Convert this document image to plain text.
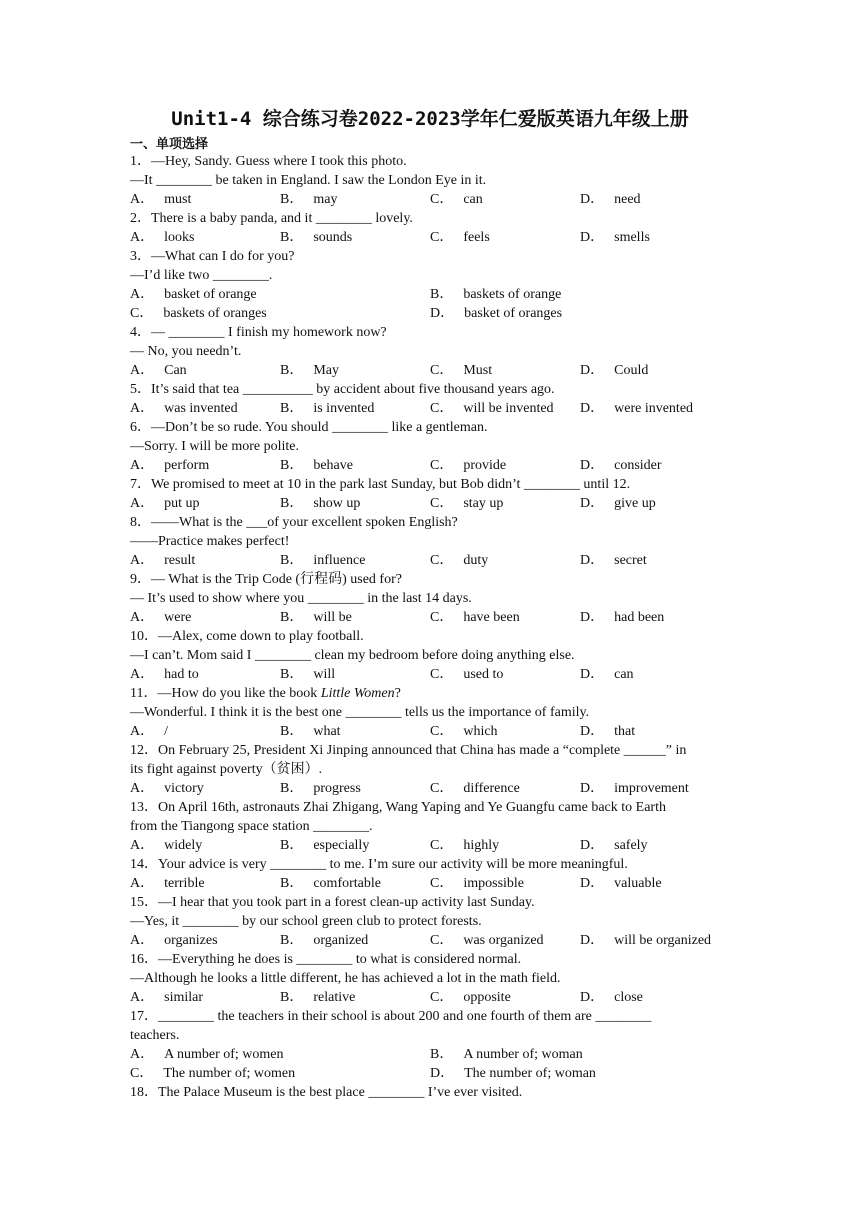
Unit1-4 综合练习卷2022-2023学年仁爱版英语九年级上册
一、单项选择
1．—Hey, Sandy. Guess where I took this photo.
—It ________ be taken in England. I saw the London Eye in it.
A． must	B． may	C． can	D． need
2．There is a baby panda, and it ________ lovely.
A． looks	B． sounds	C． feels	D． smells
3．—What can I do for you?
—I’d like two ________.
A． basket of orange	B． baskets of orange
C． baskets of oranges	D． basket of oranges
4．— ________ I finish my homework now?
— No, you needn’t.
A． Can	B． May	C． Must	D． Could
5．It’s said that tea __________ by accident about five thousand years ago.
A． was invented	B． is invented	C． will be invented	D． were invented
6．—Don’t be so rude. You should ________ like a gentleman.
—Sorry. I will be more polite.
A． perform	B． behave	C． provide	D． consider
7．We promised to meet at 10 in the park last Sunday, but Bob didn’t ________ until 12.
A． put up	B． show up	C． stay up	D． give up
8．——What is the ___of your excellent spoken English?
——Practice makes perfect!
A． result	B． influence	C． duty	D． secret
9．— What is the Trip Code (行程码) used for?
— It’s used to show where you ________ in the last 14 days.
A． were	B． will be	C． have been	D． had been
10．—Alex, come down to play football.
—I can’t. Mom said I ________ clean my bedroom before doing anything else.
A． had to	B． will	C． used to	D． can
11．—How do you like the book Little Women?
—Wonderful. I think it is the best one ________ tells us the importance of family.
A． /	B． what	C． which	D． that
12．On February 25, President Xi Jinping announced that China has made a “complete ______” in
its fight against poverty（贫困）.
A． victory	B． progress	C． difference	D． improvement
13．On April 16th, astronauts Zhai Zhigang, Wang Yaping and Ye Guangfu came back to Earth
from the Tiangong space station ________.
A． widely	B． especially	C． highly	D． safely
14．Your advice is very ________ to me. I’m sure our activity will be more meaningful.
A． terrible	B． comfortable	C． impossible	D． valuable
15．—I hear that you took part in a forest clean-up activity last Sunday.
—Yes, it ________ by our school green club to protect forests.
A． organizes	B． organized	C． was organized	D． will be organized
16．—Everything he does is ________ to what is considered normal.
—Although he looks a little different, he has achieved a lot in the math field.
A． similar	B． relative	C． opposite	D． close
17．________ the teachers in their school is about 200 and one fourth of them are ________
teachers.
A． A number of; women	B． A number of; woman
C． The number of; women	D． The number of; woman
18．The Palace Museum is the best place ________ I’ve ever visited.
